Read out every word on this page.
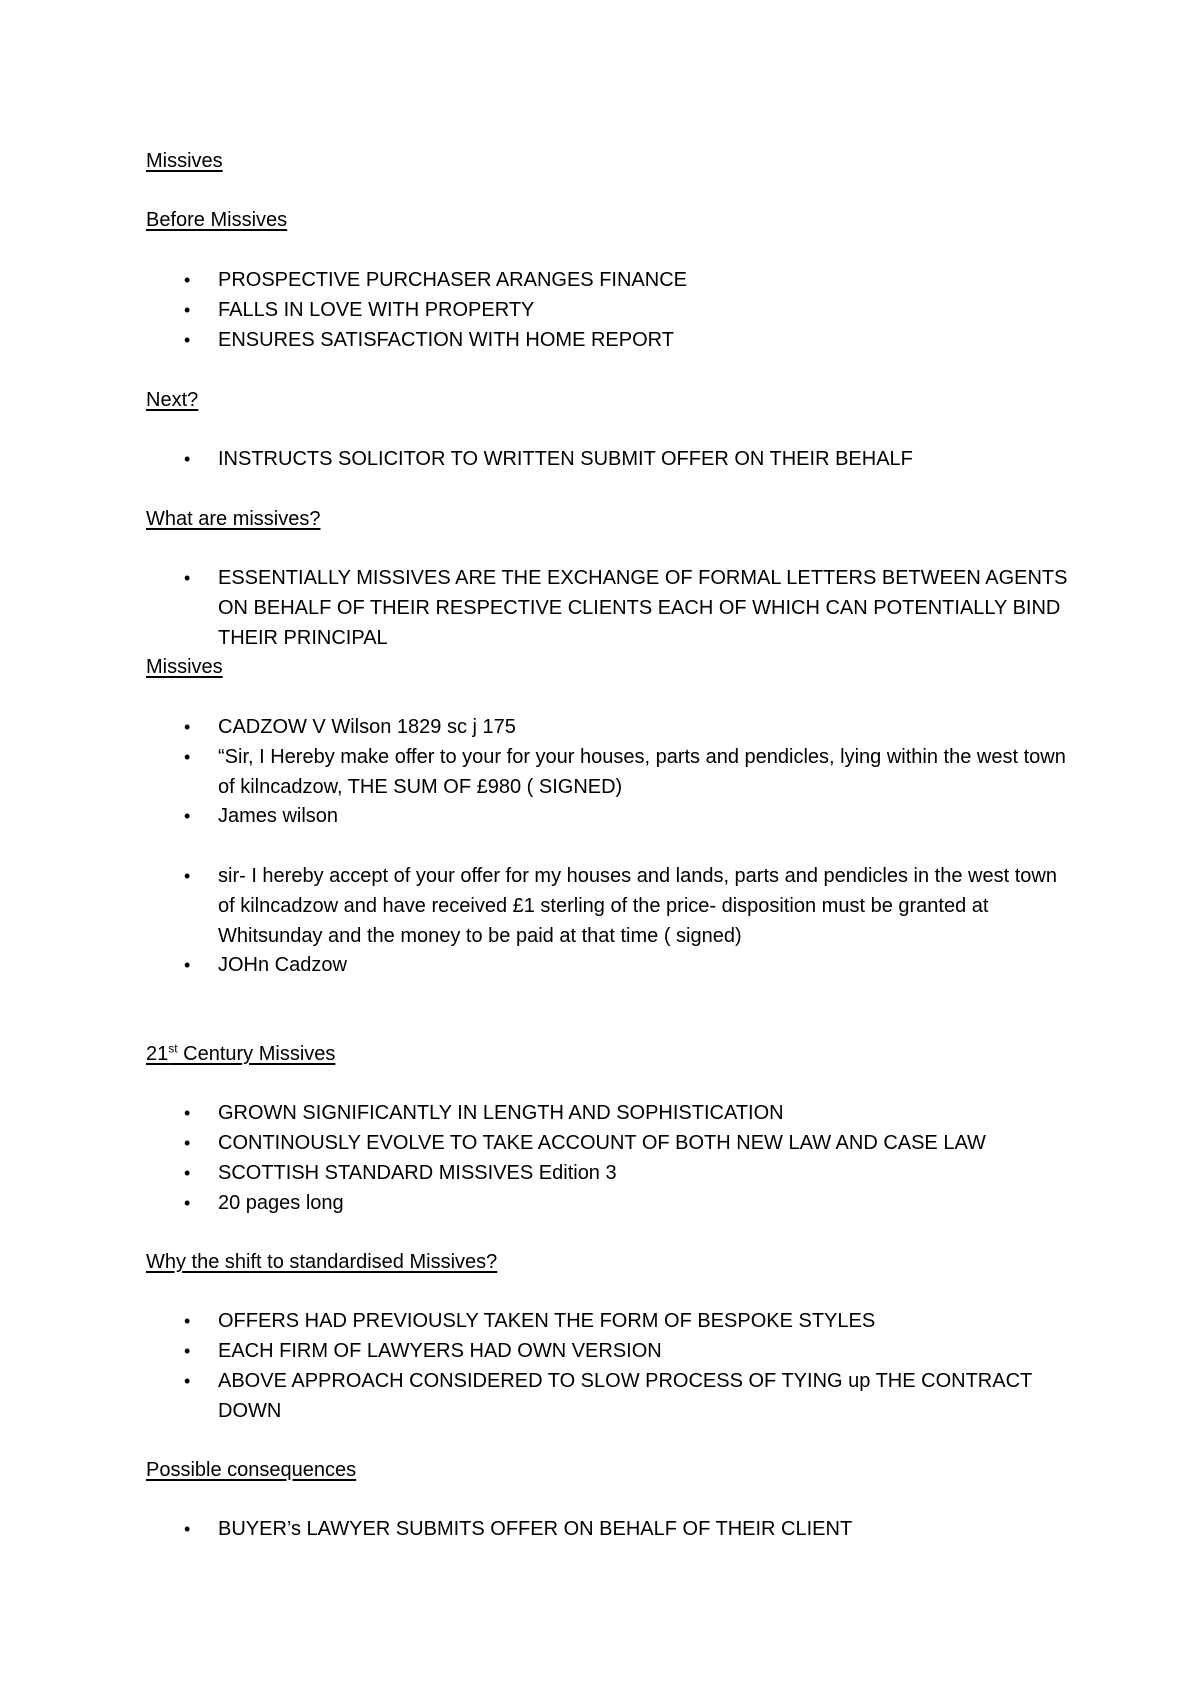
Missives
Before Missives
• PROSPECTIVE PURCHASER ARANGES FINANCE
• FALLS IN LOVE WITH PROPERTY
• ENSURES SATISFACTION WITH HOME REPORT
Next?
• INSTRUCTS SOLICITOR TO WRITTEN SUBMIT OFFER ON THEIR BEHALF
What are missives?
• ESSENTIALLY MISSIVES ARE THE EXCHANGE OF FORMAL LETTERS BETWEEN AGENTS ON BEHALF OF THEIR RESPECTIVE CLIENTS EACH OF WHICH CAN POTENTIALLY BIND THEIR PRINCIPAL
Missives
• CADZOW V Wilson 1829 sc j 175
• “Sir, I Hereby make offer to your for your houses, parts and pendicles, lying within the west town of kilncadzow, THE SUM OF £980 ( SIGNED)
• James wilson
• sir- I hereby accept of your offer for my houses and lands, parts and pendicles in the west town of kilncadzow and have received £1 sterling of the price- disposition must be granted at Whitsunday and the money to be paid at that time ( signed)
• JOHn Cadzow
21st Century Missives
• GROWN SIGNIFICANTLY IN LENGTH AND SOPHISTICATION
• CONTINOUSLY EVOLVE TO TAKE ACCOUNT OF BOTH NEW LAW AND CASE LAW
• SCOTTISH STANDARD MISSIVES Edition 3
• 20 pages long
Why the shift to standardised Missives?
• OFFERS HAD PREVIOUSLY TAKEN THE FORM OF BESPOKE STYLES
• EACH FIRM OF LAWYERS HAD OWN VERSION
• ABOVE APPROACH CONSIDERED TO SLOW PROCESS OF TYING up THE CONTRACT DOWN
Possible consequences
• BUYER’s LAWYER SUBMITS OFFER ON BEHALF OF THEIR CLIENT
